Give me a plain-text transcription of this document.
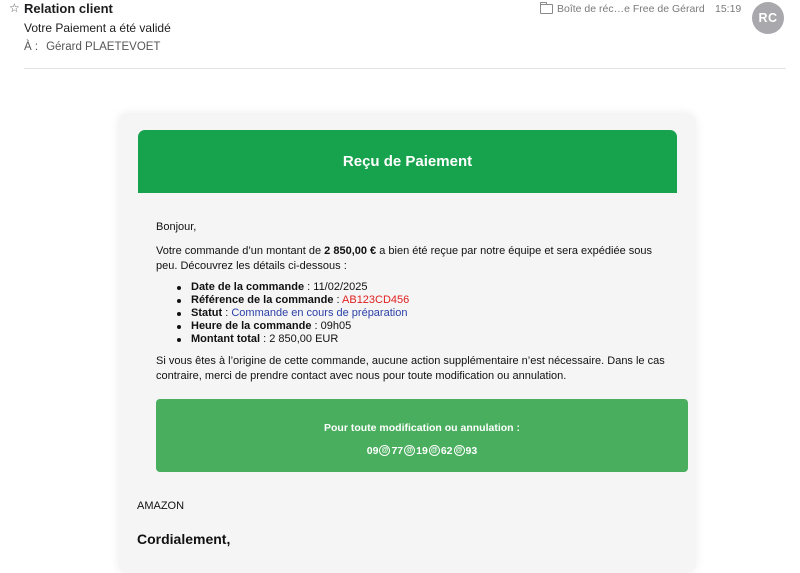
☆ Relation client
Votre Paiement a été validé
À : Gérard PLAETEVOET
Boîte de réc…e Free de Gérard 15:19
RC
Reçu de Paiement
Bonjour,
Votre commande d’un montant de 2 850,00 € a bien été reçue par notre équipe et sera expédiée sous peu. Découvrez les détails ci-dessous :
Date de la commande : 11/02/2025
Référence de la commande : AB123CD456
Statut : Commande en cours de préparation
Heure de la commande : 09h05
Montant total : 2 850,00 EUR
Si vous êtes à l’origine de cette commande, aucune action supplémentaire n’est nécessaire. Dans le cas contraire, merci de prendre contact avec nous pour toute modification ou annulation.
Pour toute modification ou annulation :
09 @ 77 @ 19 @ 62 @ 93
AMAZON
Cordialement,
